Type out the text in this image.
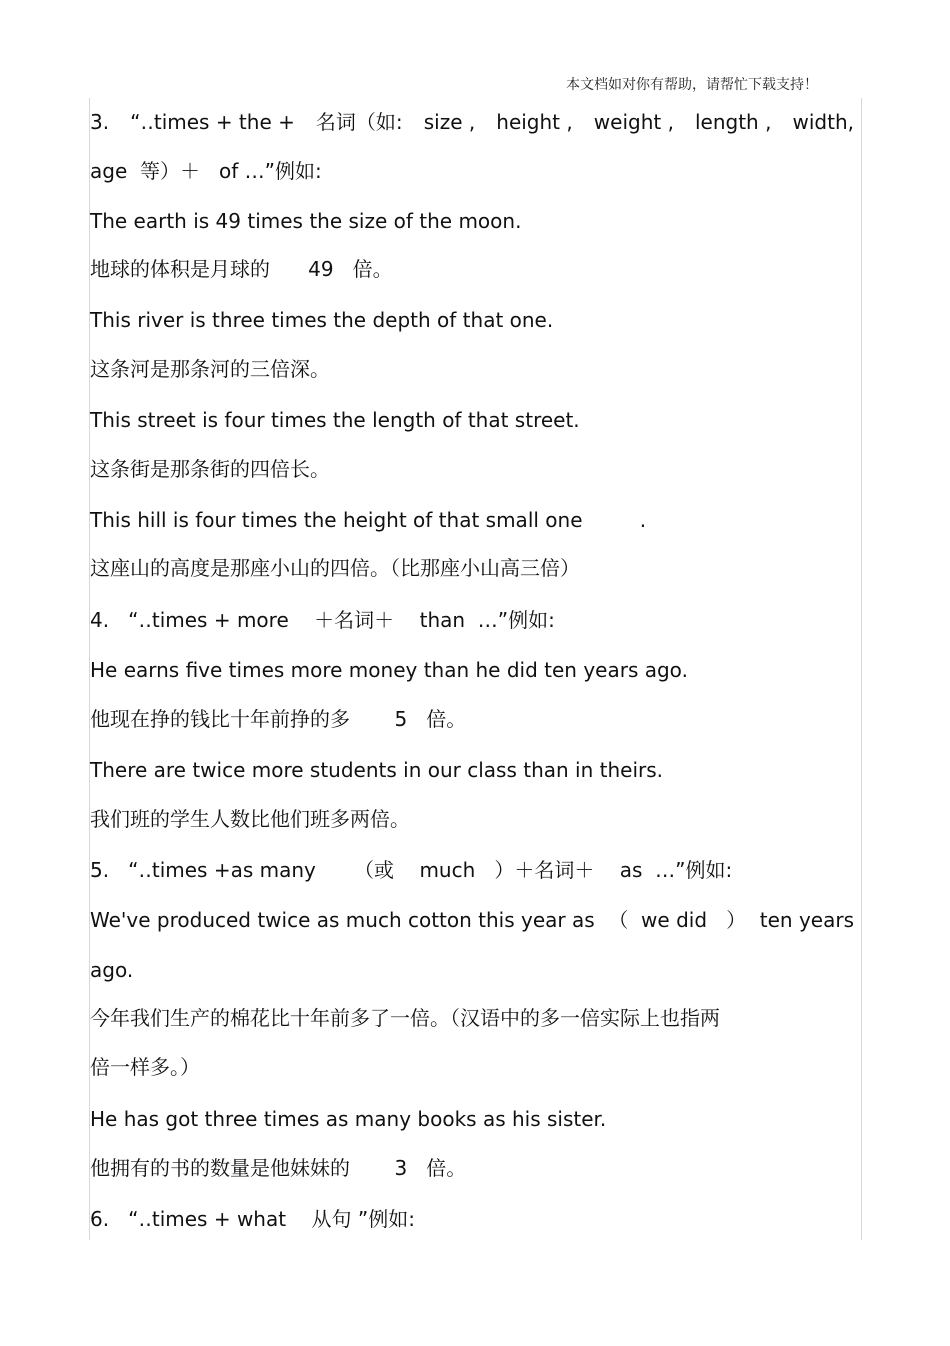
本文档如对你有帮助，请帮忙下载支持！
3. “‥times + the + 名词（如: size , height , weight , length , width,
age  等）＋   of …”例如:
The earth is 49 times the size of the moon.
地球的体积是月球的      49   倍。
This river is three times the depth of that one.
这条河是那条河的三倍深。
This street is four times the length of that street.
这条街是那条街的四倍长。
This hill is four times the height of that small one         .
这座山的高度是那座小山的四倍。（比那座小山高三倍）
4.   “‥times + more    ＋名词＋    than  …”例如:
He earns five times more money than he did ten years ago.
他现在挣的钱比十年前挣的多       5   倍。
There are twice more students in our class than in theirs.
我们班的学生人数比他们班多两倍。
5.   “‥times +as many      （或    much   ）＋名词＋    as  …”例如:
We've produced twice as much cotton this year as （  we did   ） ten years
ago.
今年我们生产的棉花比十年前多了一倍。（汉语中的多一倍实际上也指两
倍一样多。）
He has got three times as many books as his sister.
他拥有的书的数量是他妹妹的       3   倍。
6.   “‥times + what    从句 ”例如:
